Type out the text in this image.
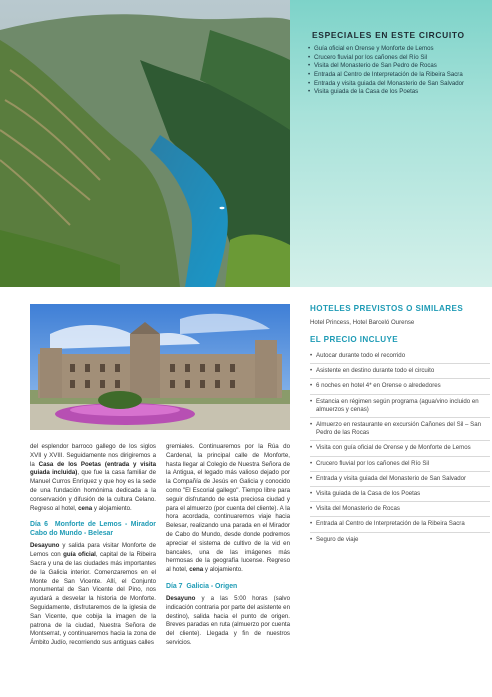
ESPECIALES EN ESTE CIRCUITO
• Guía oficial en Orense y Monforte de Lemos
• Crucero fluvial por los cañones del Río Sil
• Visita del Monasterio de San Pedro de Rocas
• Entrada al Centro de Interpretación de la Ribeira Sacra
• Entrada y visita guiada del Monasterio de San Salvador
• Visita guiada de la Casa de los Poetas

del esplendor barroco gallego de los siglos XVII y XVIII. Seguidamente nos dirigiremos a la Casa de los Poetas (entrada y visita guiada incluida), que fue la casa familiar de Manuel Curros Enríquez y que hoy es la sede de una fundación homónima dedicada a la conservación y difusión de la cultura Celano. Regreso al hotel, cena y alojamiento.

Día 6 Monforte de Lemos - Mirador Cabo do Mundo - Belesar

Desayuno y salida para visitar Monforte de Lemos con guía oficial, capital de la Ribeira Sacra y una de las ciudades más importantes de la Galicia interior. Comenzaremos en el Monte de San Vicente. Allí, el Conjunto monumental de San Vicente del Pino, nos ayudará a desvelar la historia de Monforte. Seguidamente, disfrutaremos de la iglesia de San Vicente, que cobija la imagen de la patrona de la ciudad, Nuestra Señora de Montserrat, y continuaremos hacia la zona de Ámbito Judío, recorriendo sus antiguas calles

gremiales. Continuaremos por la Rúa do Cardenal, la principal calle de Monforte, hasta llegar al Colegio de Nuestra Señora de la Antigua, el legado más valioso dejado por la Compañía de Jesús en Galicia y conocido como "El Escorial gallego". Tiempo libre para seguir disfrutando de esta preciosa ciudad y para el almuerzo (por cuenta del cliente). A la hora acordada, continuaremos viaje hacia Belesar, realizando una parada en el Mirador de Cabo do Mundo, desde donde podremos apreciar el sistema de cultivo de la vid en bancales, una de las imágenes más hermosas de la geografía lucense. Regreso al hotel, cena y alojamiento.

Día 7 Galicia - Origen

Desayuno y a las 5:00 horas (salvo indicación contraria por parte del asistente en destino), salida hacia el punto de origen. Breves paradas en ruta (almuerzo por cuenta del cliente). Llegada y fin de nuestros servicios.

HOTELES PREVISTOS O SIMILARES
Hotel Princess, Hotel Barceló Ourense
EL PRECIO INCLUYE
• Autocar durante todo el recorrido
• Asistente en destino durante todo el circuito
• 6 noches en hotel 4* en Orense o alrededores
• Estancia en régimen según programa (agua/vino incluido en almuerzos y cenas)
• Almuerzo en restaurante en excursión Cañones del Sil – San Pedro de las Rocas
• Visita con guía oficial de Orense y de Monforte de Lemos
• Crucero fluvial por los cañones del Río Sil
• Entrada y visita guiada del Monasterio de San Salvador
• Visita guiada de la Casa de los Poetas
• Visita del Monasterio de Rocas
• Entrada al Centro de Interpretación de la Ribeira Sacra
• Seguro de viaje
